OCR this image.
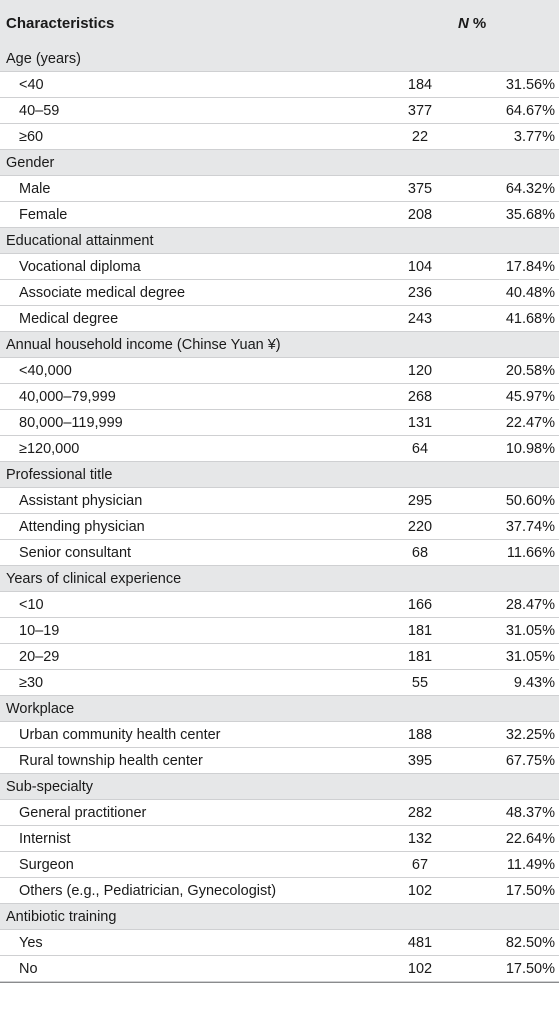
Characteristics	N %
Age (years)
<40	184	31.56%
40–59	377	64.67%
≥60	22	3.77%
Gender
Male	375	64.32%
Female	208	35.68%
Educational attainment
Vocational diploma	104	17.84%
Associate medical degree	236	40.48%
Medical degree	243	41.68%
Annual household income (Chinse Yuan ¥)
<40,000	120	20.58%
40,000–79,999	268	45.97%
80,000–119,999	131	22.47%
≥120,000	64	10.98%
Professional title
Assistant physician	295	50.60%
Attending physician	220	37.74%
Senior consultant	68	11.66%
Years of clinical experience
<10	166	28.47%
10–19	181	31.05%
20–29	181	31.05%
≥30	55	9.43%
Workplace
Urban community health center	188	32.25%
Rural township health center	395	67.75%
Sub-specialty
General practitioner	282	48.37%
Internist	132	22.64%
Surgeon	67	11.49%
Others (e.g., Pediatrician, Gynecologist)	102	17.50%
Antibiotic training
Yes	481	82.50%
No	102	17.50%
